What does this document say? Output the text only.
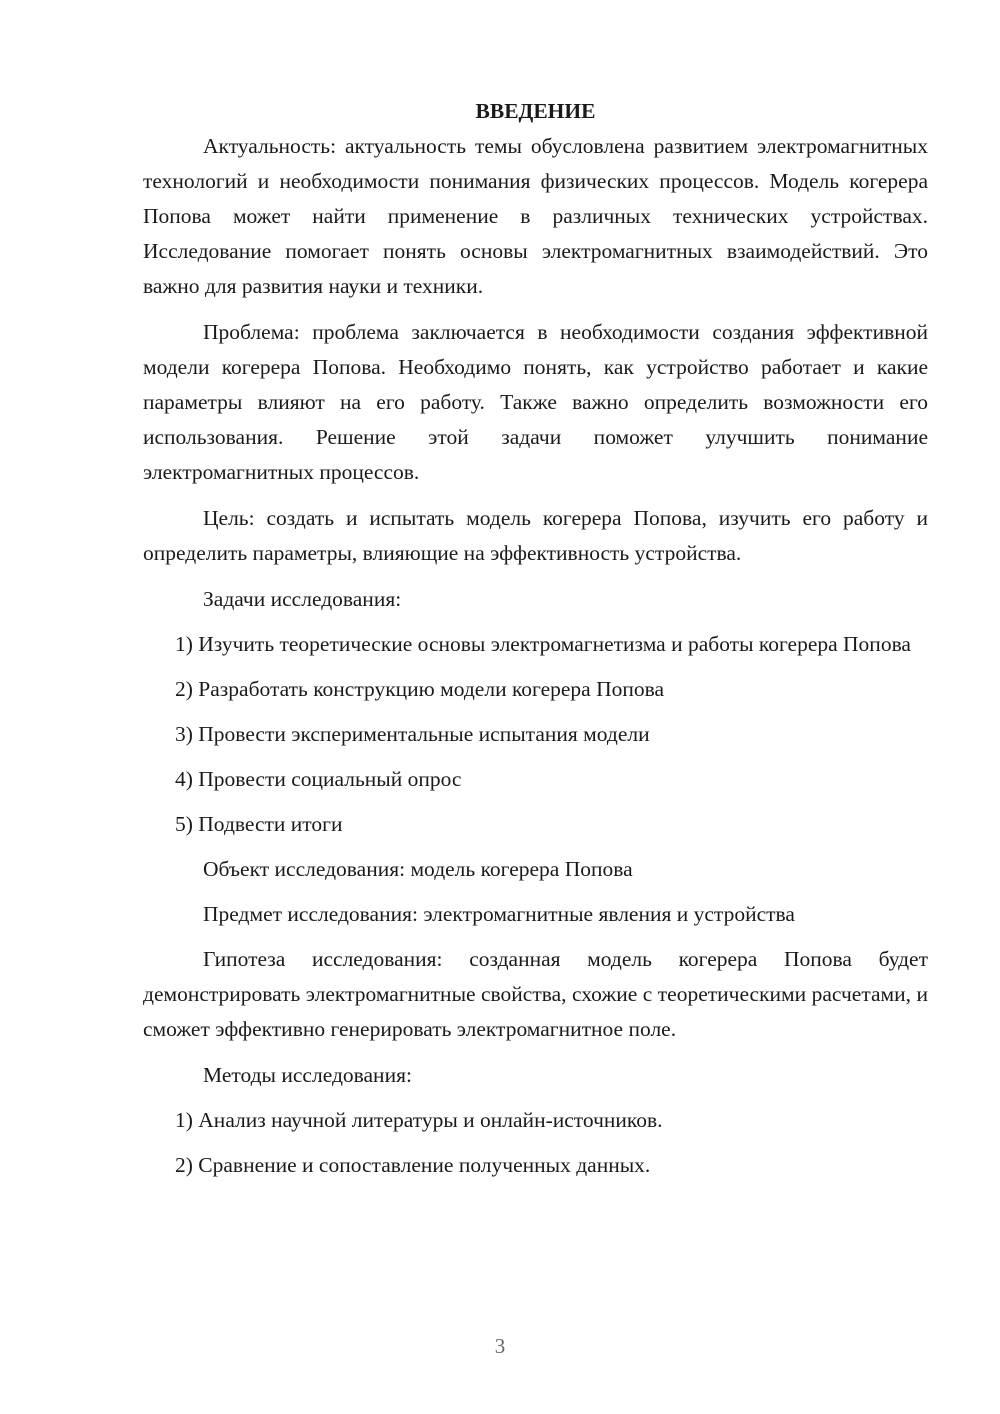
ВВЕДЕНИЕ

Актуальность: актуальность темы обусловлена развитием электромагнитных технологий и необходимости понимания физических процессов. Модель когерера Попова может найти применение в различных технических устройствах. Исследование помогает понять основы электромагнитных взаимодействий. Это важно для развития науки и техники.

Проблема: проблема заключается в необходимости создания эффективной модели когерера Попова. Необходимо понять, как устройство работает и какие параметры влияют на его работу. Также важно определить возможности его использования. Решение этой задачи поможет улучшить понимание электромагнитных процессов.

Цель: создать и испытать модель когерера Попова, изучить его работу и определить параметры, влияющие на эффективность устройства.

Задачи исследования:

1) Изучить теоретические основы электромагнетизма и работы когерера Попова

2) Разработать конструкцию модели когерера Попова

3) Провести экспериментальные испытания модели

4) Провести социальный опрос

5) Подвести итоги

Объект исследования: модель когерера Попова

Предмет исследования: электромагнитные явления и устройства

Гипотеза исследования: созданная модель когерера Попова будет демонстрировать электромагнитные свойства, схожие с теоретическими расчетами, и сможет эффективно генерировать электромагнитное поле.

Методы исследования:

1) Анализ научной литературы и онлайн-источников.

2) Сравнение и сопоставление полученных данных.

3
